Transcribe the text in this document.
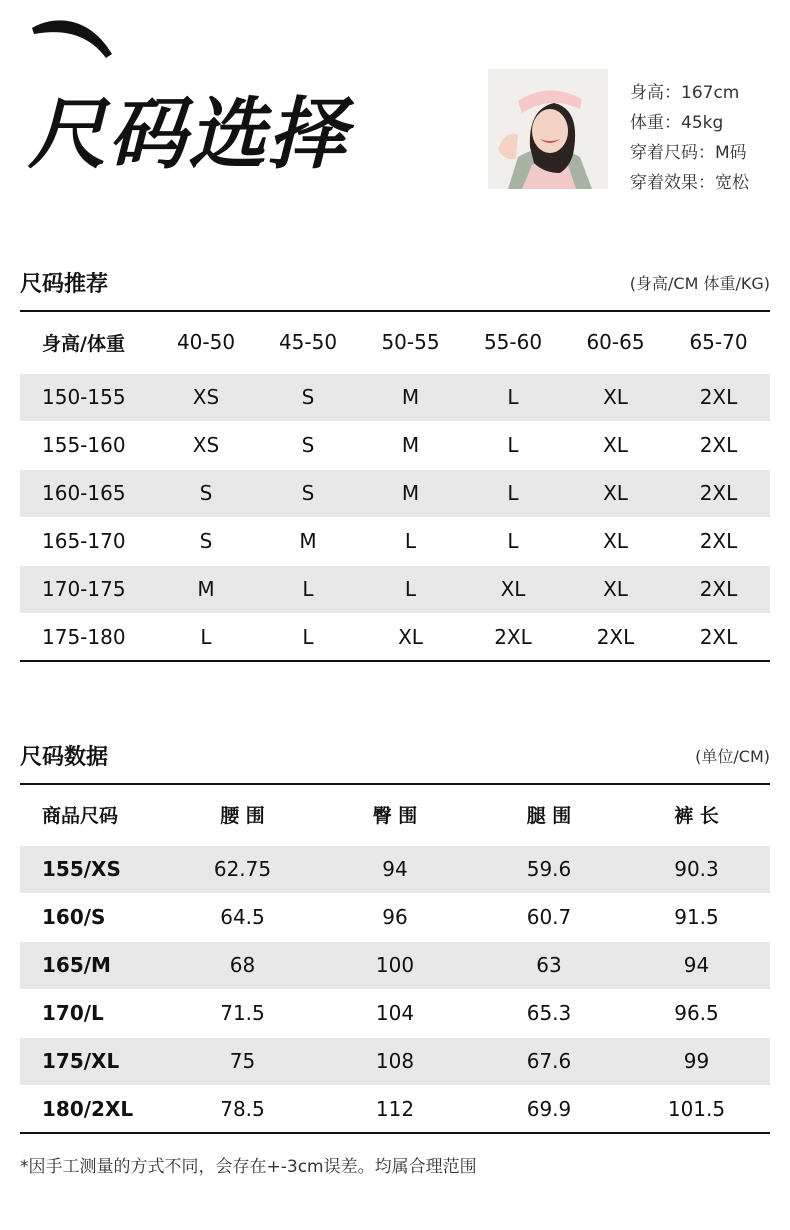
尺码选择	身高：167cm
体重：45kg
穿着尺码：M码
穿着效果：宽松
尺码推荐	(身高/CM 体重/KG)
身高/体重	40-50	45-50	50-55	55-60	60-65	65-70
150-155	XS	S	M	L	XL	2XL
155-160	XS	S	M	L	XL	2XL
160-165	S	S	M	L	XL	2XL
165-170	S	M	L	L	XL	2XL
170-175	M	L	L	XL	XL	2XL
175-180	L	L	XL	2XL	2XL	2XL
尺码数据	(单位/CM)
商品尺码	腰 围	臀 围	腿 围	裤 长
155/XS	62.75	94	59.6	90.3
160/S	64.5	96	60.7	91.5
165/M	68	100	63	94
170/L	71.5	104	65.3	96.5
175/XL	75	108	67.6	99
180/2XL	78.5	112	69.9	101.5
*因手工测量的方式不同，会存在+-3cm误差。均属合理范围
